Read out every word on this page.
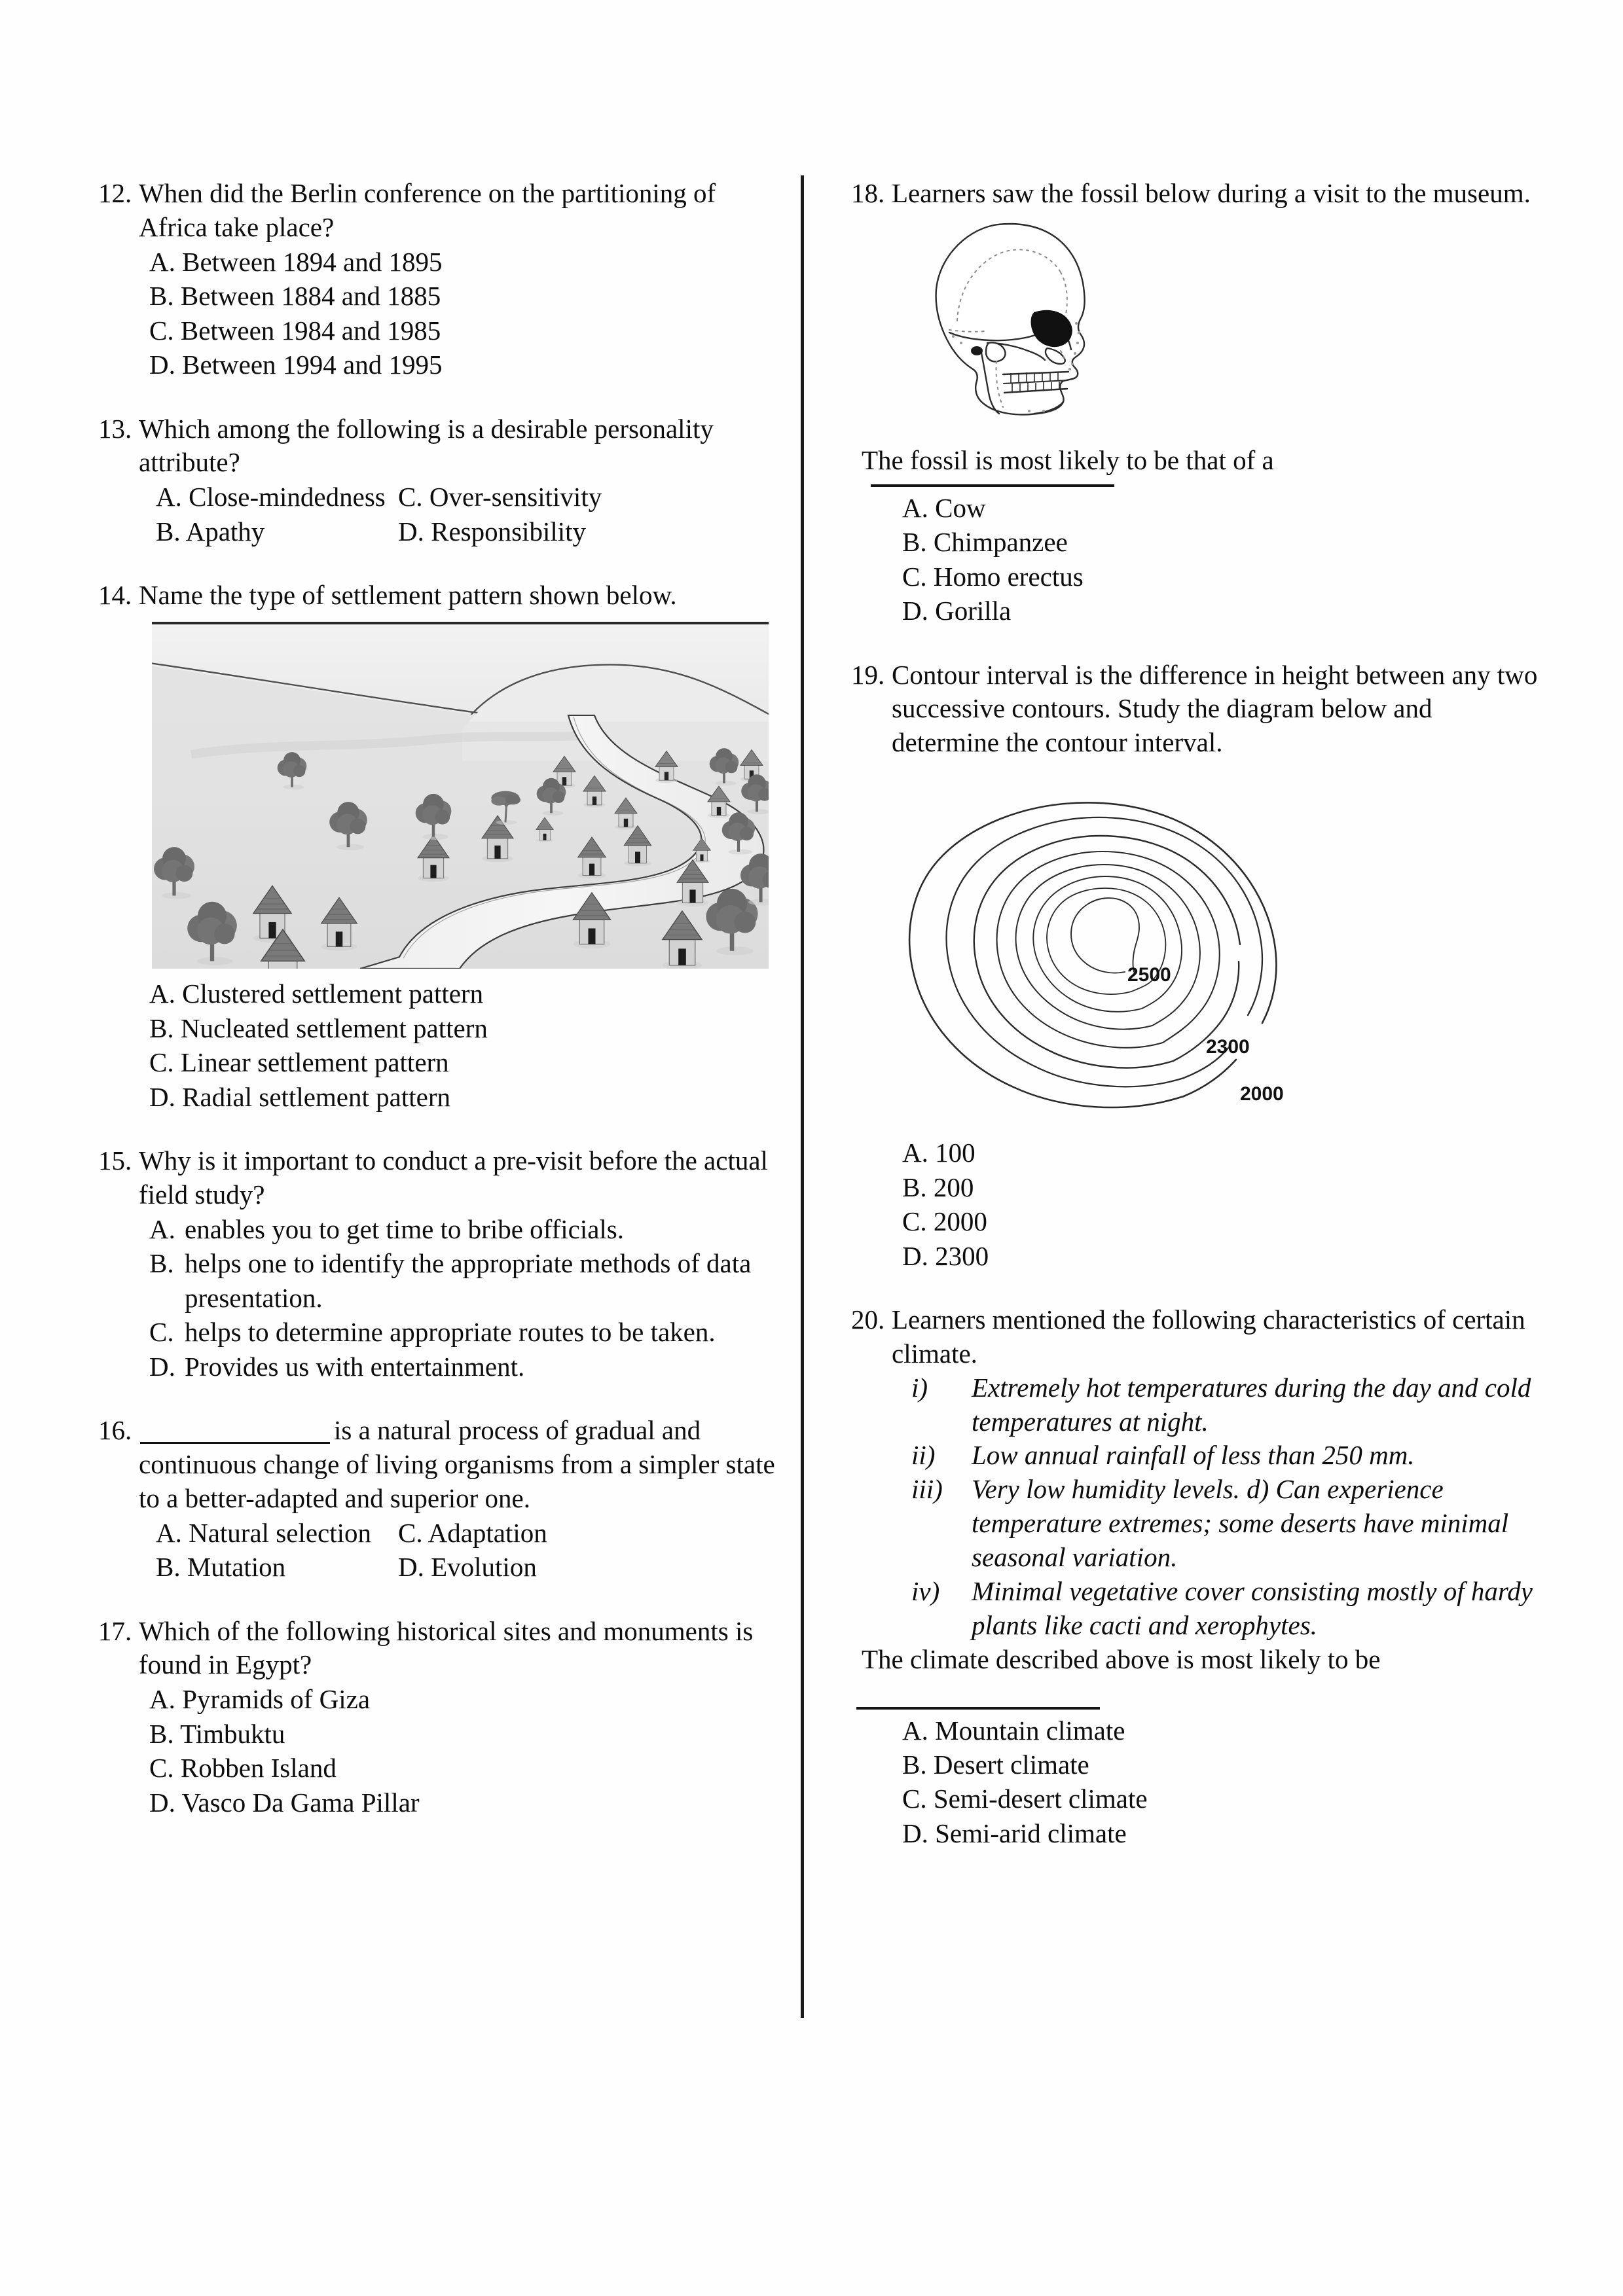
12. When did the Berlin conference on the partitioning of Africa take place?
A. Between 1894 and 1895
B. Between 1884 and 1885
C. Between 1984 and 1985
D. Between 1994 and 1995
13. Which among the following is a desirable personality attribute?
A. Close-mindedness C. Over-sensitivity
B. Apathy	D. Responsibility
14. Name the type of settlement pattern shown below.
A. Clustered settlement pattern
B. Nucleated settlement pattern
C. Linear settlement pattern
D. Radial settlement pattern
15. Why is it important to conduct a pre-visit before the actual field study?
A. enables you to get time to bribe officials.
B. helps one to identify the appropriate methods of data presentation.
C. helps to determine appropriate routes to be taken.
D. Provides us with entertainment.
16.	is a natural process of gradual and continuous change of living organisms from a simpler state to a better-adapted and superior one.
A. Natural selection C. Adaptation
B. Mutation	D. Evolution
17. Which of the following historical sites and monuments is found in Egypt?
A. Pyramids of Giza
B. Timbuktu
C. Robben Island
D. Vasco Da Gama Pillar
18. Learners saw the fossil below during a visit to the museum.
The fossil is most likely to be that of a
A. Cow
B. Chimpanzee
C. Homo erectus
D. Gorilla
19. Contour interval is the difference in height between any two successive contours. Study the diagram below and determine the contour interval.
2500
2300
2000
A. 100
B. 200
C. 2000
D. 2300
20. Learners mentioned the following characteristics of certain climate.
i)	Extremely hot temperatures during the day and cold temperatures at night.
ii)	Low annual rainfall of less than 250 mm.
iii)	Very low humidity levels. d) Can experience temperature extremes; some deserts have minimal seasonal variation.
iv)	Minimal vegetative cover consisting mostly of hardy plants like cacti and xerophytes.
The climate described above is most likely to be
A. Mountain climate
B. Desert climate
C. Semi-desert climate
D. Semi-arid climate
